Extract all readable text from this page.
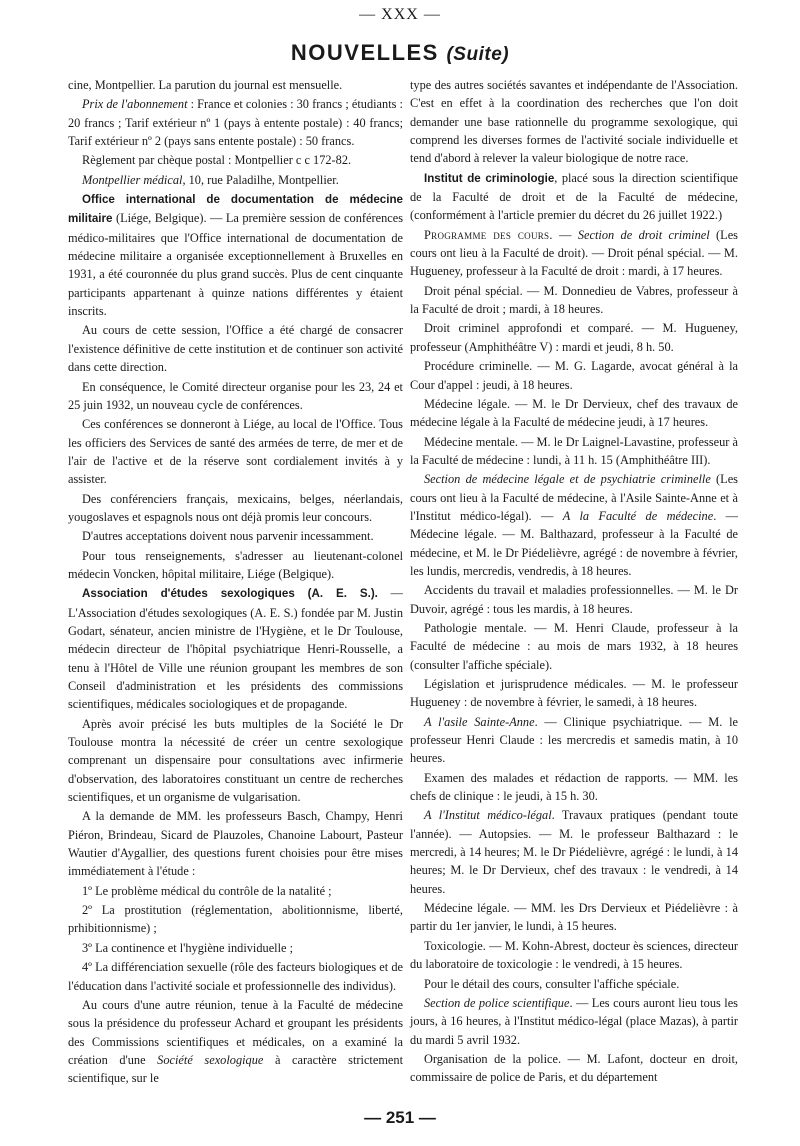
— XXX —
NOUVELLES (Suite)

cine, Montpellier. La parution du journal est mensuelle.

Prix de l'abonnement : France et colonies : 30 francs ; étudiants : 20 francs ; Tarif extérieur nº 1 (pays à entente postale) : 40 francs; Tarif extérieur nº 2 (pays sans entente postale) : 50 francs.

Règlement par chèque postal : Montpellier c c 172-82.

Montpellier médical, 10, rue Paladilhe, Montpellier.

Office international de documentation de médecine militaire (Liége, Belgique). — La première session de conférences médico-militaires que l'Office international de documentation de médecine militaire a organisée exceptionnellement à Bruxelles en 1931, a été couronnée du plus grand succès. Plus de cent cinquante participants appartenant à quinze nations différentes y étaient inscrits.

Au cours de cette session, l'Office a été chargé de consacrer l'existence définitive de cette institution et de continuer son activité dans cette direction.

En conséquence, le Comité directeur organise pour les 23, 24 et 25 juin 1932, un nouveau cycle de conférences.

Ces conférences se donneront à Liége, au local de l'Office. Tous les officiers des Services de santé des armées de terre, de mer et de l'air de l'active et de la réserve sont cordialement invités à y assister.

Des conférenciers français, mexicains, belges, néerlandais, yougoslaves et espagnols nous ont déjà promis leur concours.

D'autres acceptations doivent nous parvenir incessamment.

Pour tous renseignements, s'adresser au lieutenant-colonel médecin Voncken, hôpital militaire, Liége (Belgique).

Association d'études sexologiques (A. E. S.). — L'Association d'études sexologiques (A. E. S.) fondée par M. Justin Godart, sénateur, ancien ministre de l'Hygiène, et le Dr Toulouse, médecin directeur de l'hôpital psychiatrique Henri-Rousselle, a tenu à l'Hôtel de Ville une réunion groupant les membres de son Conseil d'administration et les présidents des commissions scientifiques, médicales sociologiques et de propagande.

Après avoir précisé les buts multiples de la Société le Dr Toulouse montra la nécessité de créer un centre sexologique comprenant un dispensaire pour consultations avec infirmerie d'observation, des laboratoires constituant un centre de recherches scientifiques, et un organisme de vulgarisation.

A la demande de MM. les professeurs Basch, Champy, Henri Piéron, Brindeau, Sicard de Plauzoles, Chanoine Labourt, Pasteur Wautier d'Aygallier, des questions furent choisies pour être mises immédiatement à l'étude :

1º Le problème médical du contrôle de la natalité ;

2º La prostitution (réglementation, abolitionnisme, liberté, prhibitionnisme) ;

3º La continence et l'hygiène individuelle ;

4º La différenciation sexuelle (rôle des facteurs biologiques et de l'éducation dans l'activité sociale et professionnelle des individus).

Au cours d'une autre réunion, tenue à la Faculté de médecine sous la présidence du professeur Achard et groupant les présidents des Commissions scientifiques et médicales, on a examiné la création d'une Société sexologique à caractère strictement scientifique, sur le

type des autres sociétés savantes et indépendante de l'Association. C'est en effet à la coordination des recherches que l'on doit demander une base rationnelle du programme sexologique, qui comprend les diverses formes de l'activité sociale individuelle et tend d'abord à relever la valeur biologique de notre race.

Institut de criminologie, placé sous la direction scientifique de la Faculté de droit et de la Faculté de médecine, (conformément à l'article premier du décret du 26 juillet 1922.)

Programme des cours. — Section de droit criminel (Les cours ont lieu à la Faculté de droit). — Droit pénal spécial. — M. Hugueney, professeur à la Faculté de droit : mardi, à 17 heures.

Droit pénal spécial. — M. Donnedieu de Vabres, professeur à la Faculté de droit ; mardi, à 18 heures.

Droit criminel approfondi et comparé. — M. Hugueney, professeur (Amphithéâtre V) : mardi et jeudi, 8 h. 50.

Procédure criminelle. — M. G. Lagarde, avocat général à la Cour d'appel : jeudi, à 18 heures.

Médecine légale. — M. le Dr Dervieux, chef des travaux de médecine légale à la Faculté de médecine jeudi, à 17 heures.

Médecine mentale. — M. le Dr Laignel-Lavastine, professeur à la Faculté de médecine : lundi, à 11 h. 15 (Amphithéâtre III).

Section de médecine légale et de psychiatrie criminelle (Les cours ont lieu à la Faculté de médecine, à l'Asile Sainte-Anne et à l'Institut médico-légal). — A la Faculté de médecine. — Médecine légale. — M. Balthazard, professeur à la Faculté de médecine, et M. le Dr Piédelièvre, agrégé : de novembre à février, les lundis, mercredis, vendredis, à 18 heures.

Accidents du travail et maladies professionnelles. — M. le Dr Duvoir, agrégé : tous les mardis, à 18 heures.

Pathologie mentale. — M. Henri Claude, professeur à la Faculté de médecine : au mois de mars 1932, à 18 heures (consulter l'affiche spéciale).

Législation et jurisprudence médicales. — M. le professeur Hugueney : de novembre à février, le samedi, à 18 heures.

A l'asile Sainte-Anne. — Clinique psychiatrique. — M. le professeur Henri Claude : les mercredis et samedis matin, à 10 heures.

Examen des malades et rédaction de rapports. — MM. les chefs de clinique : le jeudi, à 15 h. 30.

A l'Institut médico-légal. Travaux pratiques (pendant toute l'année). — Autopsies. — M. le professeur Balthazard : le mercredi, à 14 heures; M. le Dr Piédelièvre, agrégé : le lundi, à 14 heures; M. le Dr Dervieux, chef des travaux : le vendredi, à 14 heures.

Médecine légale. — MM. les Drs Dervieux et Piédelièvre : à partir du 1er janvier, le lundi, à 15 heures.

Toxicologie. — M. Kohn-Abrest, docteur ès sciences, directeur du laboratoire de toxicologie : le vendredi, à 15 heures.

Pour le détail des cours, consulter l'affiche spéciale.

Section de police scientifique. — Les cours auront lieu tous les jours, à 16 heures, à l'Institut médico-légal (place Mazas), à partir du mardi 5 avril 1932.

Organisation de la police. — M. Lafont, docteur en droit, commissaire de police de Paris, et du département

— 251 —
